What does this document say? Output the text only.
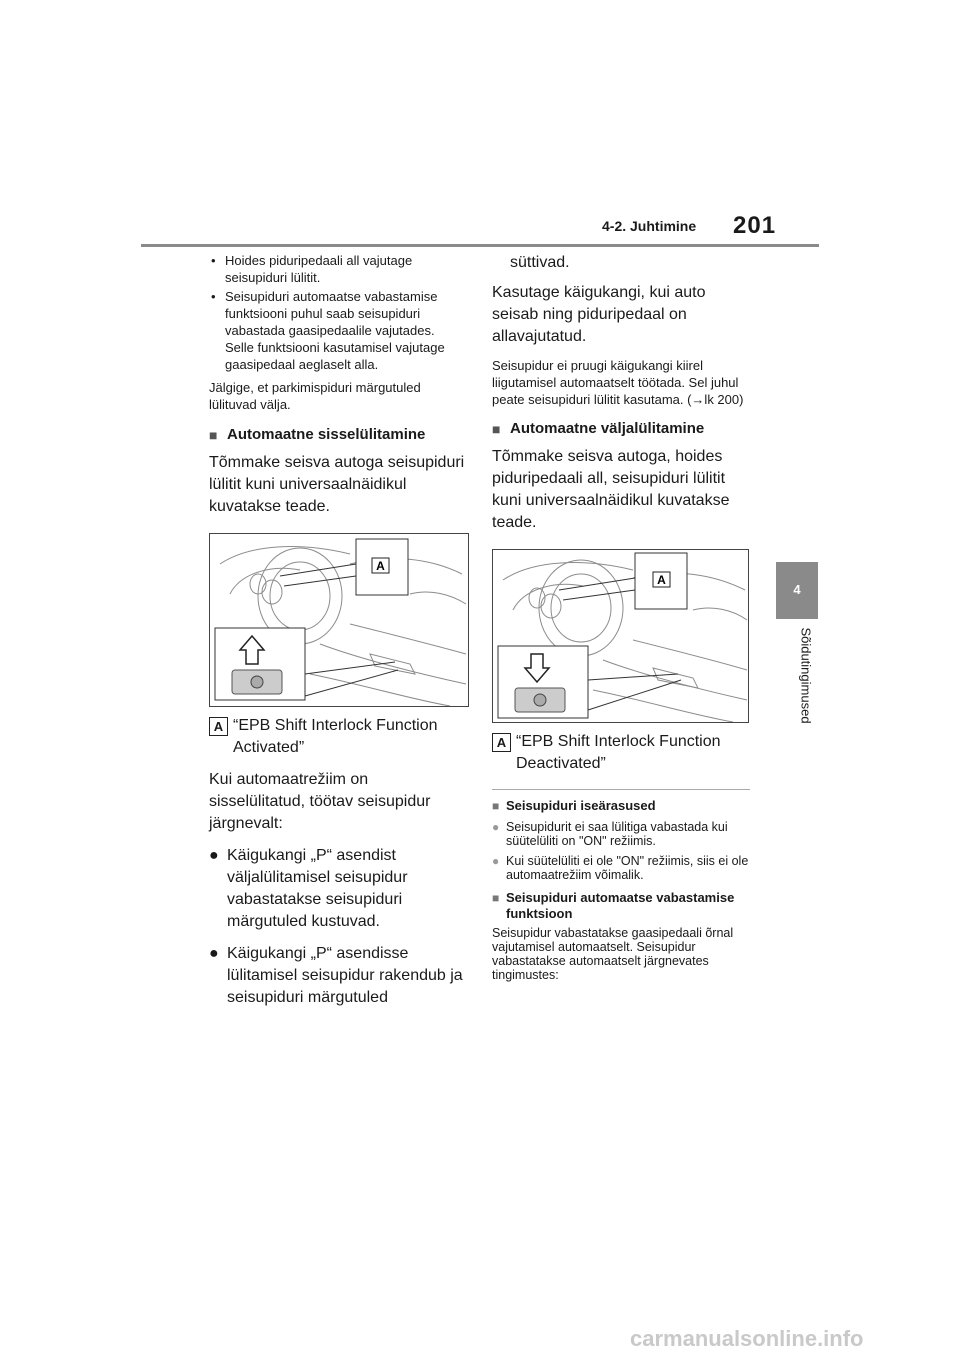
4-2. Juhtimine 201
4
Sõidutingimused
• Hoides piduripedaali all vajutage seisupiduri lülitit.
• Seisupiduri automaatse vabastamise funktsiooni puhul saab seisupiduri vabastada gaasipedaalile vajutades. Selle funktsiooni kasutamisel vajutage gaasipedaal aeglaselt alla.
Jälgige, et parkimispiduri märgutuled lülituvad välja.
■ Automaatne sisselülitamine
Tõmmake seisva autoga seisupiduri lülitit kuni universaalnäidikul kuvatakse teade.
A
A “EPB Shift Interlock Function
Activated”
Kui automaatrežiim on sisselülitatud, töötav seisupidur järgnevalt:
● Käigukangi „P“ asendist väljalülitamisel seisupidur vabastatakse seisupiduri märgutuled kustuvad.
● Käigukangi „P“ asendisse lülitamisel seisupidur rakendub ja seisupiduri märgutuled
süttivad.
Kasutage käigukangi, kui auto seisab ning piduripedaal on allavajutatud.
Seisupidur ei pruugi käigukangi kiirel liigutamisel automaatselt töötada. Sel juhul peate seisupiduri lülitit kasutama. (→lk 200)
■ Automaatne väljalülitamine
Tõmmake seisva autoga, hoides piduripedaali all, seisupiduri lülitit kuni universaalnäidikul kuvatakse teade.
A
A “EPB Shift Interlock Function
Deactivated”
■ Seisupiduri iseärasused
● Seisupidurit ei saa lülitiga vabastada kui süütelüliti on "ON" režiimis.
● Kui süütelüliti ei ole "ON" režiimis, siis ei ole automaatrežiim võimalik.
■ Seisupiduri automaatse vabastamise funktsioon
Seisupidur vabastatakse gaasipedaali õrnal vajutamisel automaatselt. Seisupidur vabastatakse automaatselt järgnevates tingimustes:
carmanualsonline.info
